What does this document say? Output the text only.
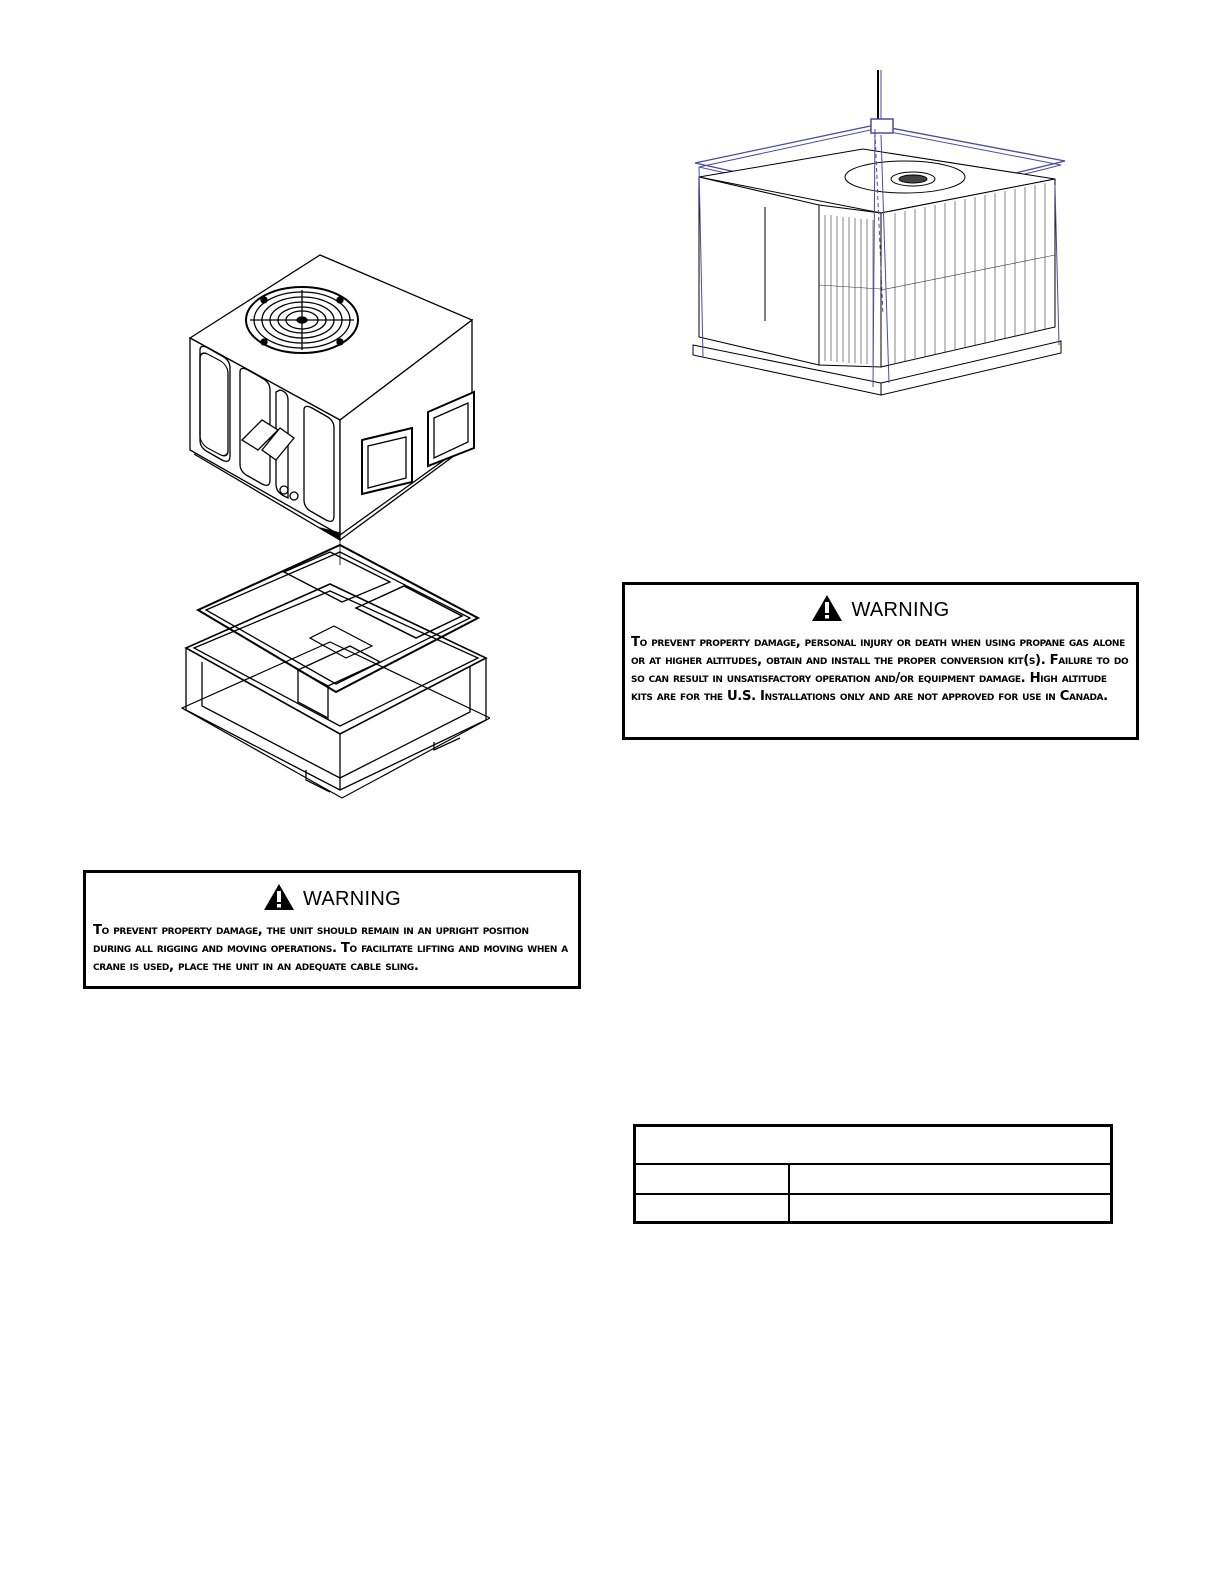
WARNING
To prevent property damage, the unit should remain in an upright position during all rigging and moving operations. To facilitate lifting and moving when a crane is used, place the unit in an adequate cable sling.
WARNING
To prevent property damage, personal injury or death when using propane gas alone or at higher altitudes, obtain and install the proper conversion kit(s). Failure to do so can result in unsatisfactory operation and/or equipment damage. High altitude kits are for the U.S. Installations only and are not approved for use in Canada.
